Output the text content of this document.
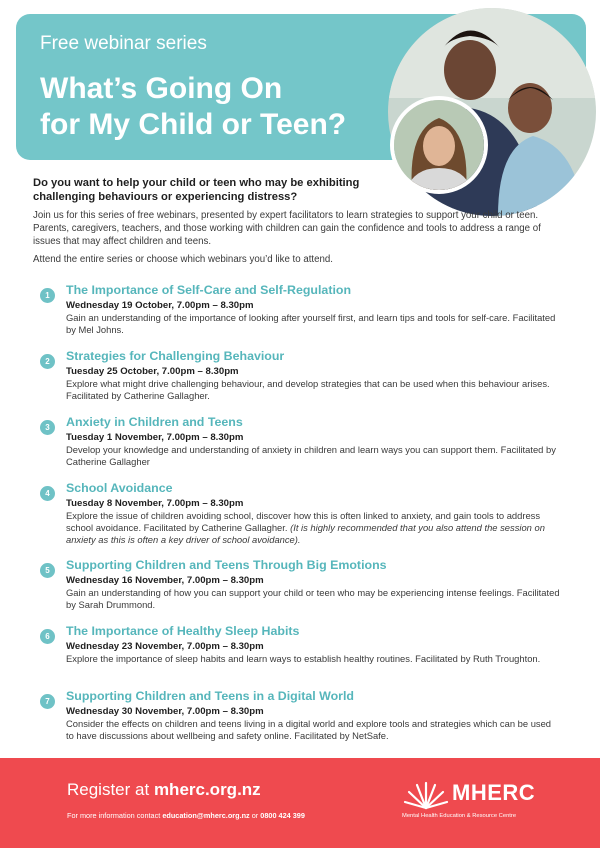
Free webinar series
What’s Going On
for My Child or Teen?
Do you want to help your child or teen who may be exhibiting challenging behaviours or experiencing distress?
Join us for this series of free webinars, presented by expert facilitators to learn strategies to support your child or teen. Parents, caregivers, teachers, and those working with children can gain the confidence and tools to address a range of issues that may affect children and teens.
Attend the entire series or choose which webinars you’d like to attend.
1	The Importance of Self-Care and Self-Regulation
Wednesday 19 October, 7.00pm – 8.30pm
Gain an understanding of the importance of looking after yourself first, and learn tips and tools for self-care. Facilitated by Mel Johns.
2	Strategies for Challenging Behaviour
Tuesday 25 October, 7.00pm – 8.30pm
Explore what might drive challenging behaviour, and develop strategies that can be used when this behaviour arises. Facilitated by Catherine Gallagher.
3	Anxiety in Children and Teens
Tuesday 1 November, 7.00pm – 8.30pm
Develop your knowledge and understanding of anxiety in children and learn ways you can support them. Facilitated by Catherine Gallagher
4	School Avoidance
Tuesday 8 November, 7.00pm – 8.30pm
Explore the issue of children avoiding school, discover how this is often linked to anxiety, and gain tools to address school avoidance. Facilitated by Catherine Gallagher. (It is highly recommended that you also attend the session on anxiety as this is often a key driver of school avoidance).
5	Supporting Children and Teens Through Big Emotions
Wednesday 16 November, 7.00pm – 8.30pm
Gain an understanding of how you can support your child or teen who may be experiencing intense feelings. Facilitated by Sarah Drummond.
6	The Importance of Healthy Sleep Habits
Wednesday 23 November, 7.00pm – 8.30pm
Explore the importance of sleep habits and learn ways to establish healthy routines. Facilitated by Ruth Troughton.
7	Supporting Children and Teens in a Digital World
Wednesday 30 November, 7.00pm – 8.30pm
Consider the effects on children and teens living in a digital world and explore tools and strategies which can be used to have discussions about wellbeing and safety online. Facilitated by NetSafe.
Register at mherc.org.nz
For more information contact education@mherc.org.nz or 0800 424 399
MHERC
Mental Health Education & Resource Centre
